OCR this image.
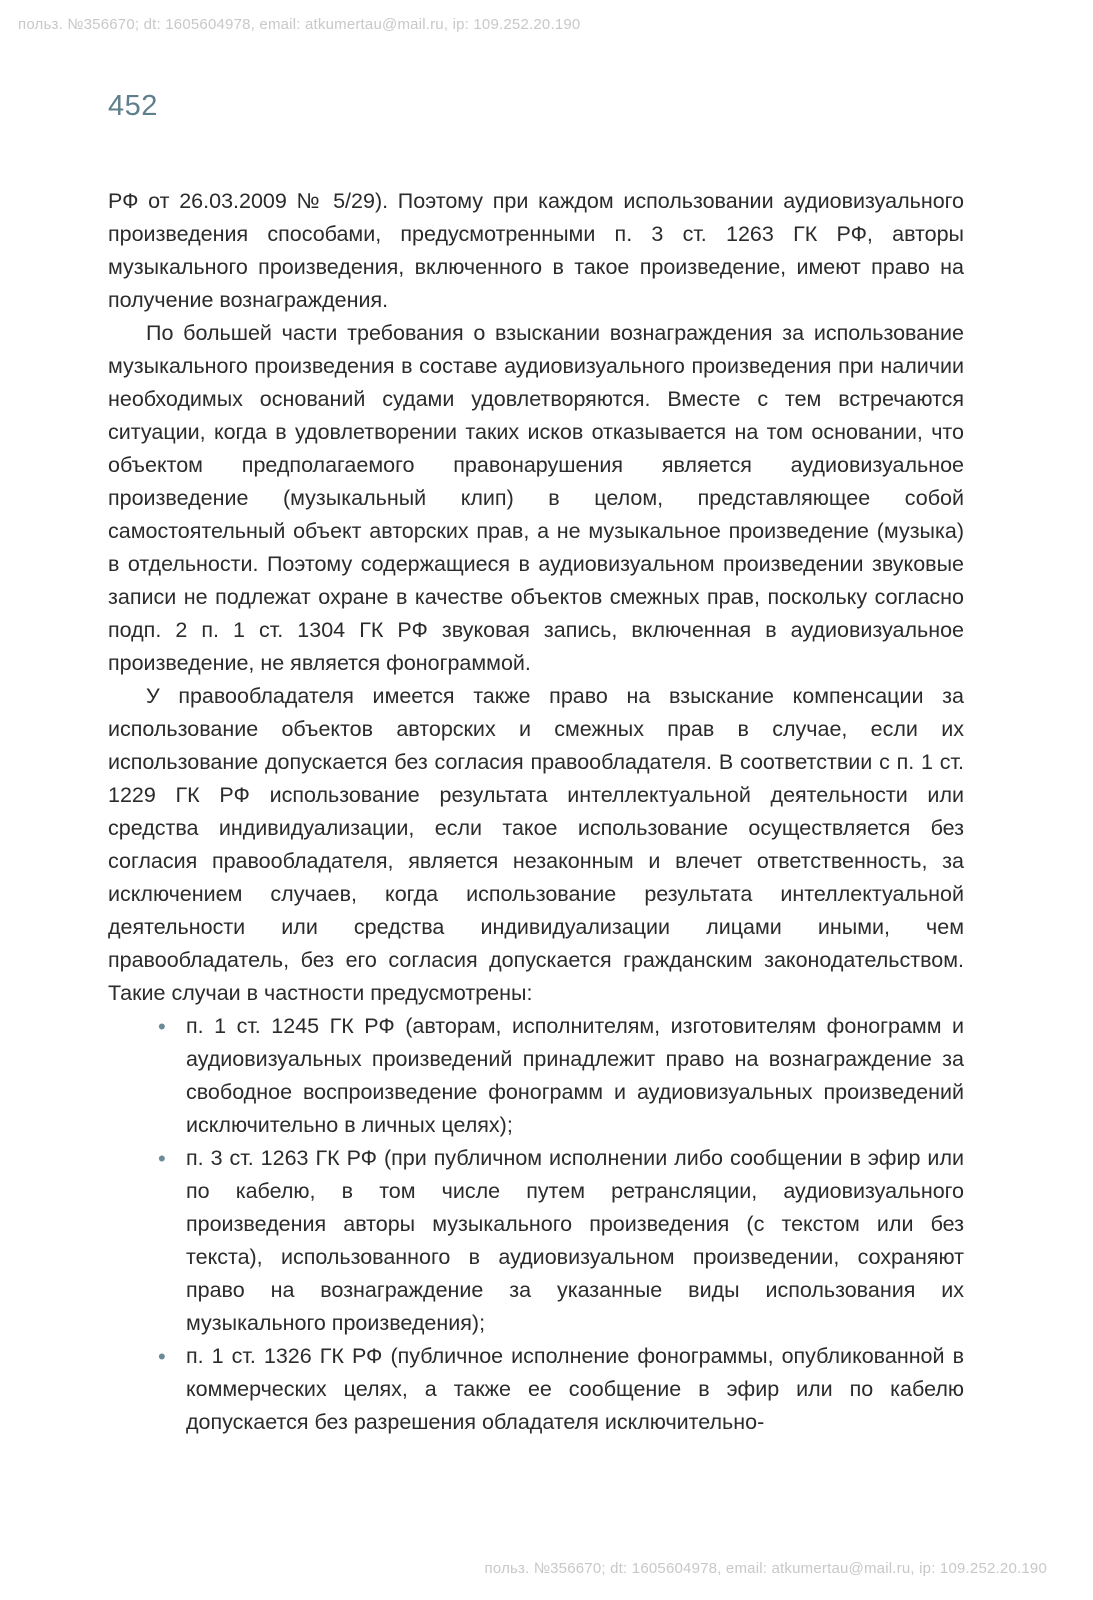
польз. №356670; dt: 1605604978, email: atkumertau@mail.ru, ip: 109.252.20.190
452

РФ от 26.03.2009 № 5/29). Поэтому при каждом использовании аудиовизуального произведения способами, предусмотренными п. 3 ст. 1263 ГК РФ, авторы музыкального произведения, включенного в такое произведение, имеют право на получение вознаграждения.

По большей части требования о взыскании вознаграждения за использование музыкального произведения в составе аудиовизуального произведения при наличии необходимых оснований судами удовлетворяются. Вместе с тем встречаются ситуации, когда в удовлетворении таких исков отказывается на том основании, что объектом предполагаемого правонарушения является аудиовизуальное произведение (музыкальный клип) в целом, представляющее собой самостоятельный объект авторских прав, а не музыкальное произведение (музыка) в отдельности. Поэтому содержащиеся в аудиовизуальном произведении звуковые записи не подлежат охране в качестве объектов смежных прав, поскольку согласно подп. 2 п. 1 ст. 1304 ГК РФ звуковая запись, включенная в аудиовизуальное произведение, не является фонограммой.

У правообладателя имеется также право на взыскание компенсации за использование объектов авторских и смежных прав в случае, если их использование допускается без согласия правообладателя. В соответствии с п. 1 ст. 1229 ГК РФ использование результата интеллектуальной деятельности или средства индивидуализации, если такое использование осуществляется без согласия правообладателя, является незаконным и влечет ответственность, за исключением случаев, когда использование результата интеллектуальной деятельности или средства индивидуализации лицами иными, чем правообладатель, без его согласия допускается гражданским законодательством. Такие случаи в частности предусмотрены:

• п. 1 ст. 1245 ГК РФ (авторам, исполнителям, изготовителям фонограмм и аудиовизуальных произведений принадлежит право на вознаграждение за свободное воспроизведение фонограмм и аудиовизуальных произведений исключительно в личных целях);
• п. 3 ст. 1263 ГК РФ (при публичном исполнении либо сообщении в эфир или по кабелю, в том числе путем ретрансляции, аудиовизуального произведения авторы музыкального произведения (с текстом или без текста), использованного в аудиовизуальном произведении, сохраняют право на вознаграждение за указанные виды использования их музыкального произведения);
• п. 1 ст. 1326 ГК РФ (публичное исполнение фонограммы, опубликованной в коммерческих целях, а также ее сообщение в эфир или по кабелю допускается без разрешения обладателя исключительно-
польз. №356670; dt: 1605604978, email: atkumertau@mail.ru, ip: 109.252.20.190
